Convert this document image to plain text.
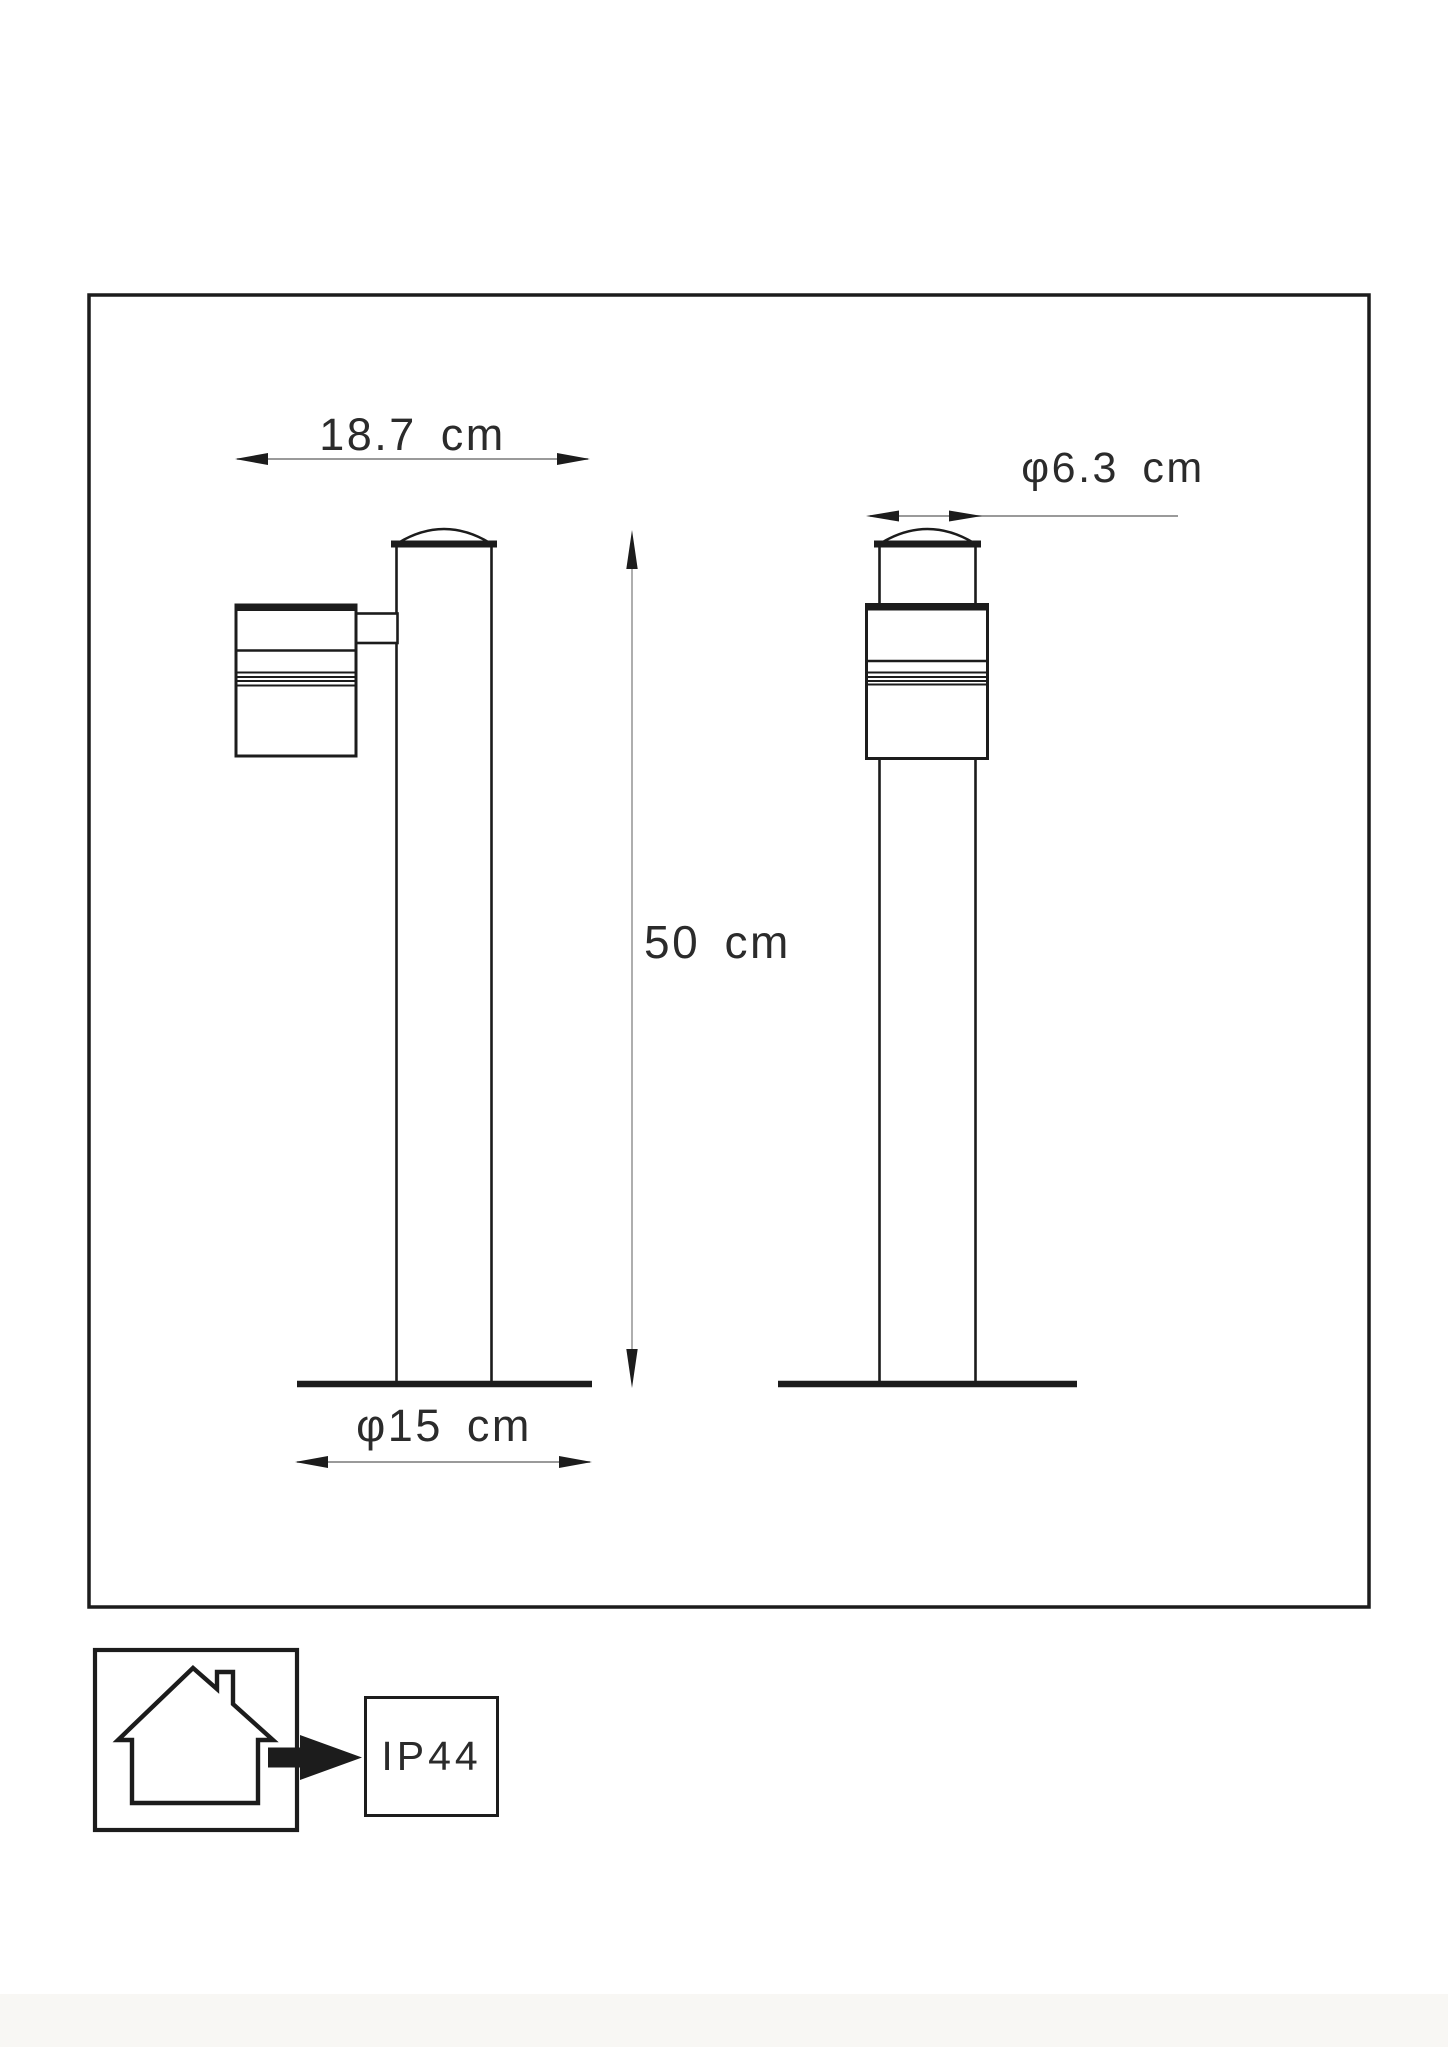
18.7 cm
φ6.3 cm
50 cm
φ15 cm
IP44
